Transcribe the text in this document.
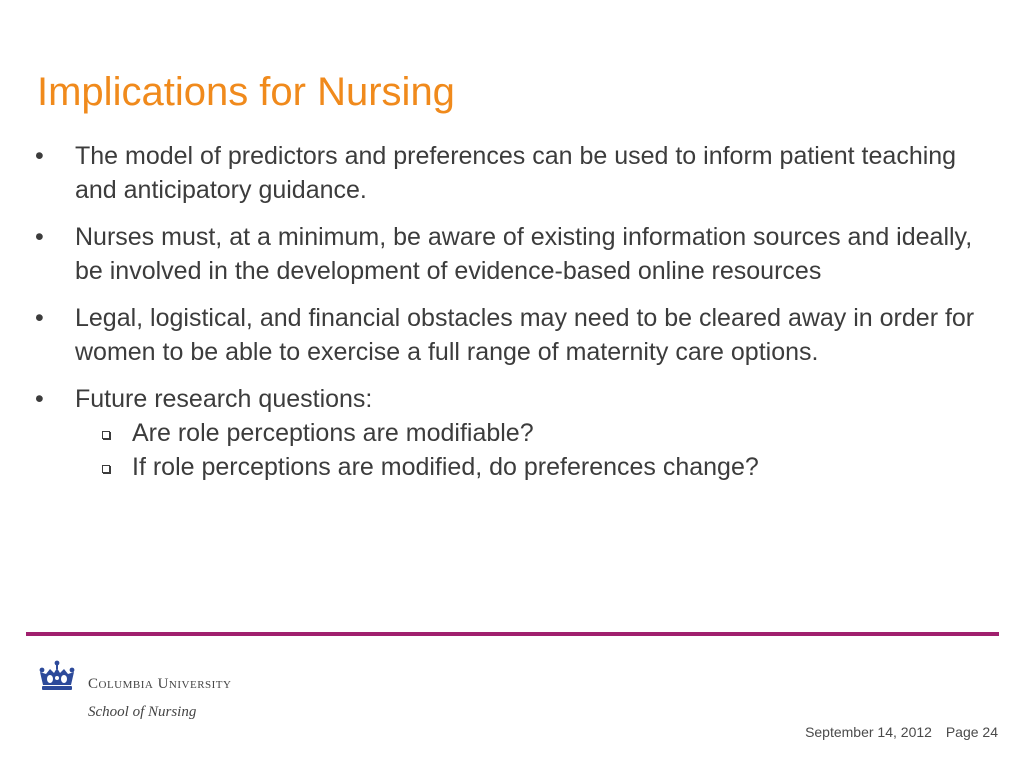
Implications for Nursing
• The model of predictors and preferences can be used to inform patient teaching and anticipatory guidance.
• Nurses must, at a minimum, be aware of existing information sources and ideally, be involved in the development of evidence-based online resources
• Legal, logistical, and financial obstacles may need to be cleared away in order for women to be able to exercise a full range of maternity care options.
• Future research questions:
Are role perceptions are modifiable?
If role perceptions are modified, do preferences change?
Columbia University
School of Nursing
September 14, 2012 Page 24
